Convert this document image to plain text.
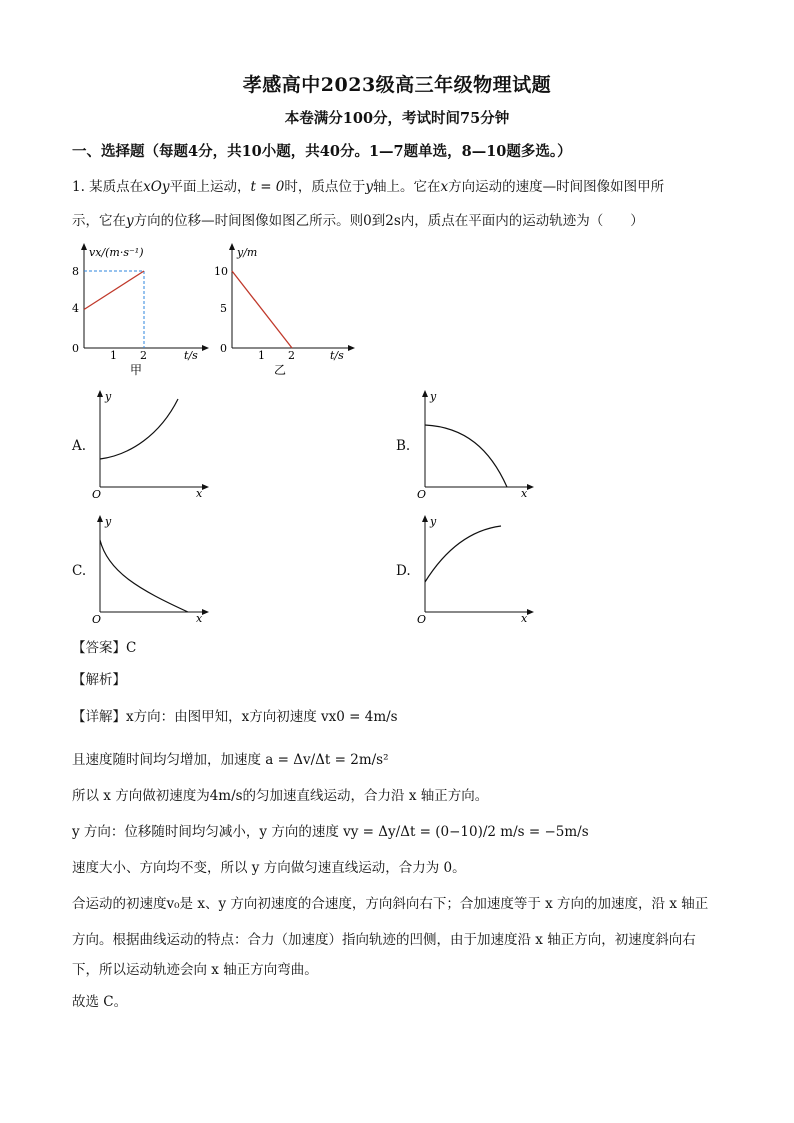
孝感高中2023级高三年级物理试题
本卷满分100分，考试时间75分钟
一、选择题（每题4分，共10小题，共40分。1—7题单选，8—10题多选。）
1. 某质点在xOy平面上运动，t = 0时，质点位于y轴上。它在x方向运动的速度—时间图像如图甲所
示，它在y方向的位移—时间图像如图乙所示。则0到2s内，质点在平面内的运动轨迹为（　　）
vx/(m·s⁻¹)
t/s
8
4
0
1 2
甲
y/m
t/s
10
5
0
1 2
乙
A.
y
x
O
B.
y
x
O
C.
y
x
O
D.
y
x
O
【答案】C
【解析】
【详解】x方向：由图甲知，x方向初速度 vx0 = 4m/s
且速度随时间均匀增加，加速度 a = Δv/Δt = 2m/s²
所以 x 方向做初速度为4m/s的匀加速直线运动，合力沿 x 轴正方向。
y 方向：位移随时间均匀减小，y 方向的速度 vy = Δy/Δt = (0−10)/2 m/s = −5m/s
速度大小、方向均不变，所以 y 方向做匀速直线运动，合力为 0。
合运动的初速度v₀是 x、y 方向初速度的合速度，方向斜向右下；合加速度等于 x 方向的加速度，沿 x 轴正
方向。根据曲线运动的特点：合力（加速度）指向轨迹的凹侧，由于加速度沿 x 轴正方向，初速度斜向右
下，所以运动轨迹会向 x 轴正方向弯曲。
故选 C。
